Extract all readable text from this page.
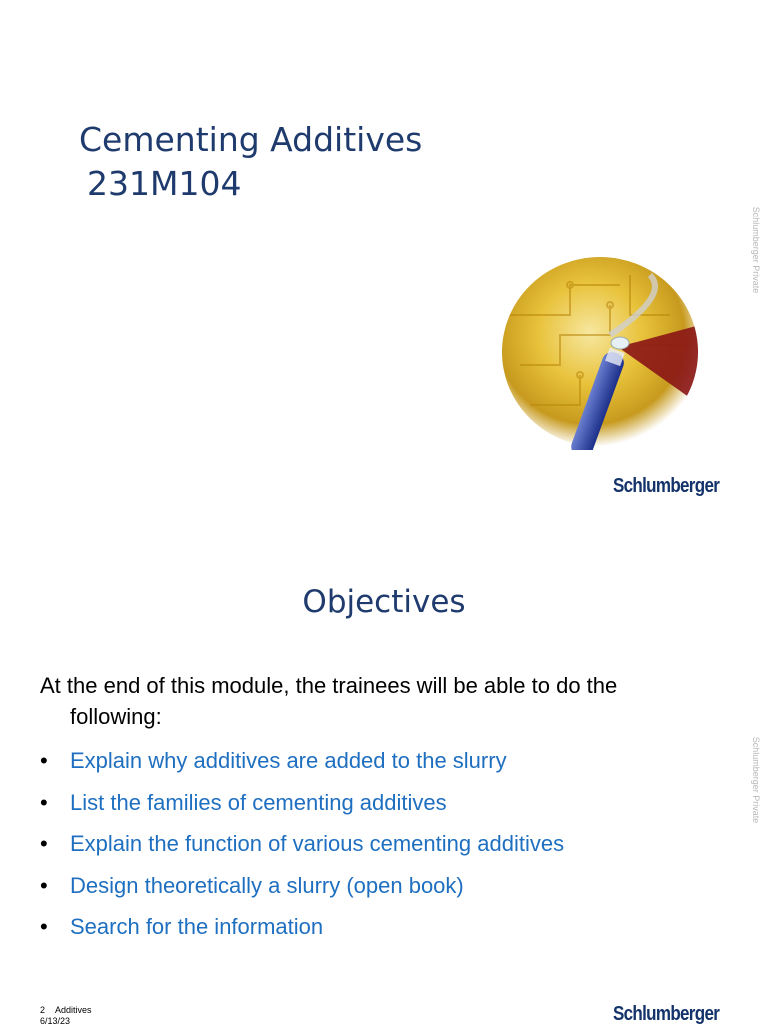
Cementing Additives
231M104
Schlumberger Private
Schlumberger
Objectives
At the end of this module, the trainees will be able to do the
following:
• Explain why additives are added to the slurry
• List the families of cementing additives
• Explain the function of various cementing additives
• Design theoretically a slurry (open book)
• Search for the information
Schlumberger Private
2 Additives
6/13/23	Schlumberger
